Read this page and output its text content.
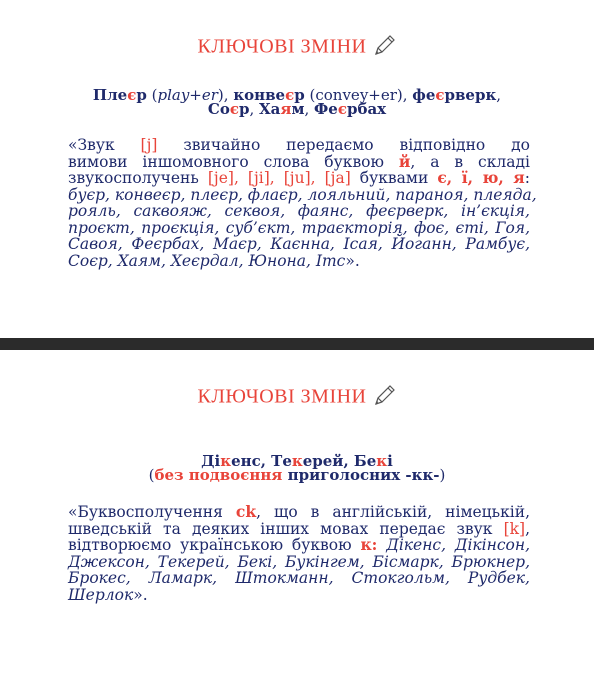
КЛЮЧОВІ ЗМІНИ
Плеєр (play+er), конвеєр (convey+er), феєрверк,
Соєр, Хаям, Феєрбах
«Звук [j] звичайно передаємо відповідно до
вимови іншомовного слова буквою й, а в складі
звукосполучень [je], [ji], [ju], [ja] буквами є, ї, ю, я:
буєр, конвеєр, плеєр, флаєр, лояльний, параноя, плеяда,
рояль, саквояж, секвоя, фаянс, феєрверк, ін’єкція,
проєкт, проєкція, суб’єкт, траєкторія, фоє, єті, Гоя,
Савоя, Феєрбах, Маєр, Каєнна, Ісая, Йоганн, Рамбує,
Соєр, Хаям, Хеєрдал, Юнона, Ітс».
КЛЮЧОВІ ЗМІНИ
Дікенс, Текерей, Бекі
(без подвоєння приголосних -кк-)
«Буквосполучення ck, що в англійській, німецькій,
шведській та деяких інших мовах передає звук [k],
відтворюємо українською буквою к: Дікенс, Дікінсон,
Джексон, Текерей, Бекі, Букінгем, Бісмарк, Брюкнер,
Брокес, Ламарк, Штокманн, Стокгольм, Рудбек,
Шерлок».
